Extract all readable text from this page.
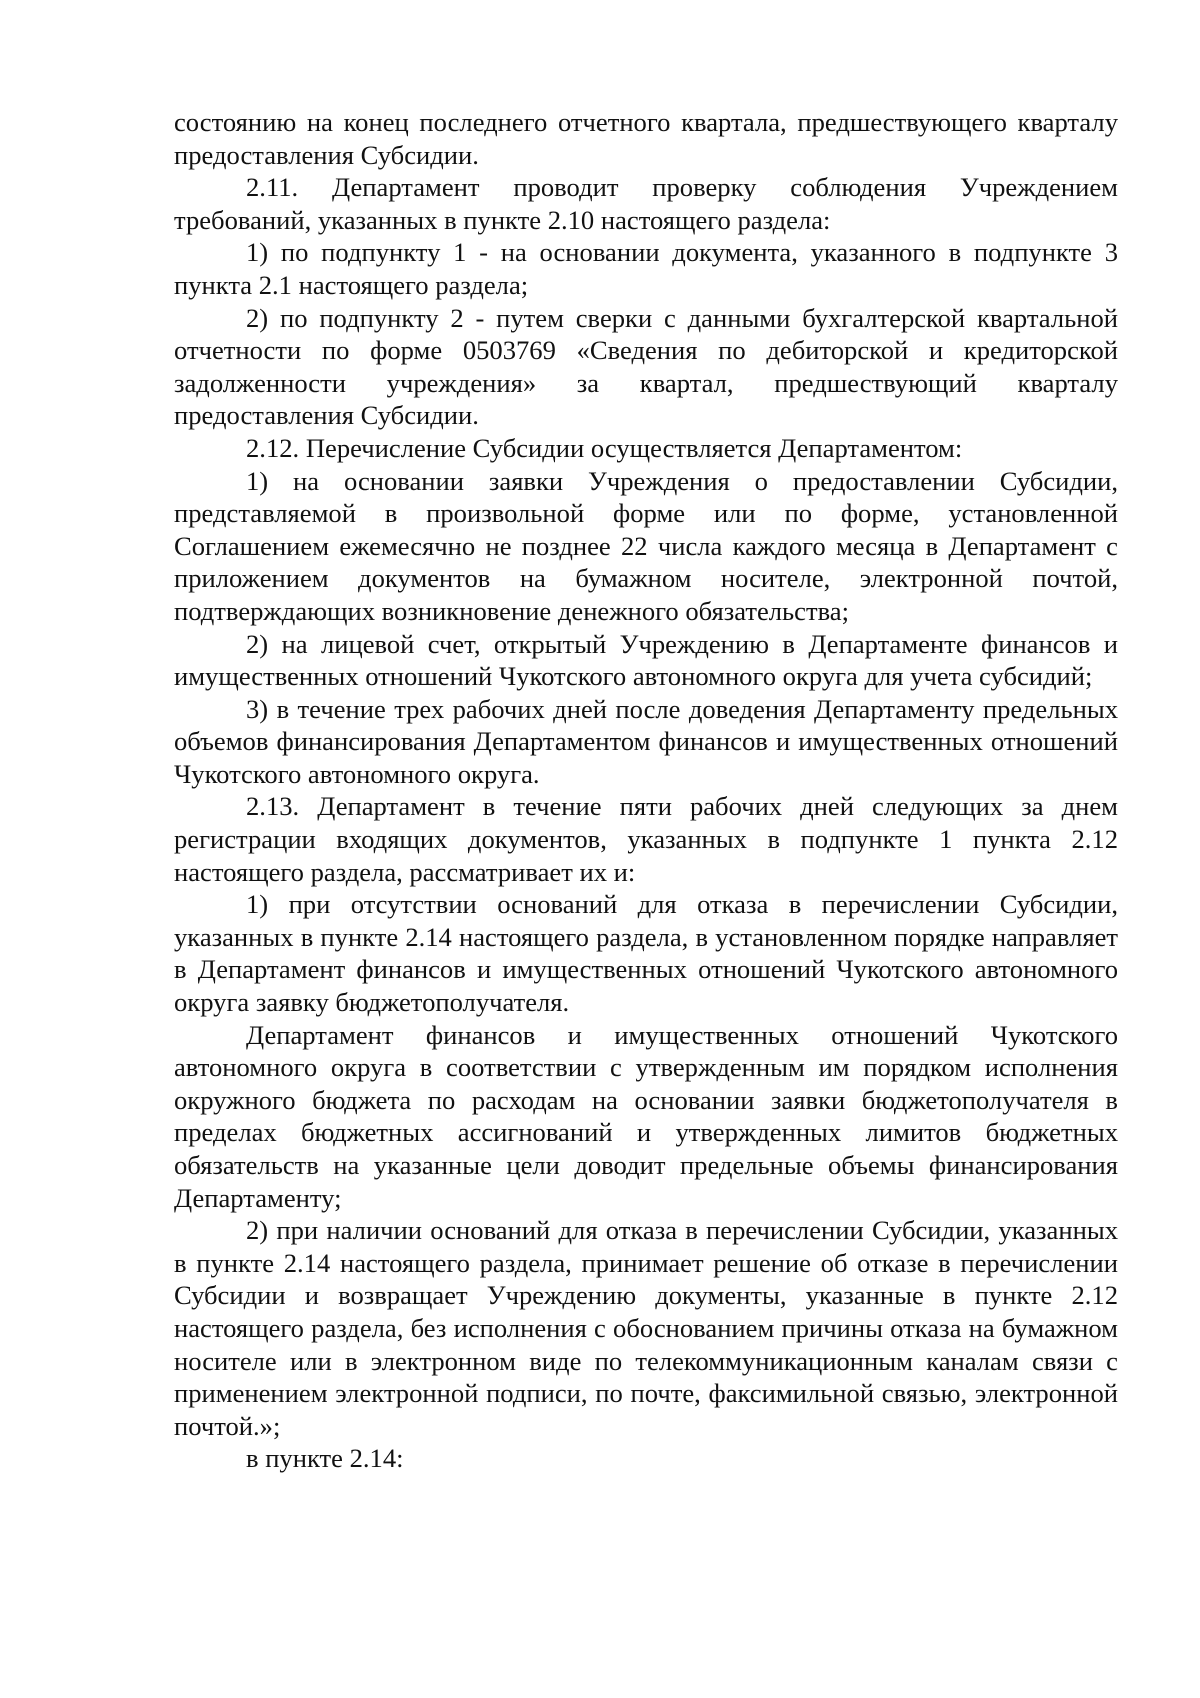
состоянию на конец последнего отчетного квартала, предшествующего кварталу предоставления Субсидии.

2.11. Департамент проводит проверку соблюдения Учреждением требований, указанных в пункте 2.10 настоящего раздела:

1) по подпункту 1 - на основании документа, указанного в подпункте 3 пункта 2.1 настоящего раздела;

2) по подпункту 2 - путем сверки с данными бухгалтерской квартальной отчетности по форме 0503769 «Сведения по дебиторской и кредиторской задолженности учреждения» за квартал, предшествующий кварталу предоставления Субсидии.

2.12. Перечисление Субсидии осуществляется Департаментом:

1) на основании заявки Учреждения о предоставлении Субсидии, представляемой в произвольной форме или по форме, установленной Соглашением ежемесячно не позднее 22 числа каждого месяца в Департамент с приложением документов на бумажном носителе, электронной почтой, подтверждающих возникновение денежного обязательства;

2) на лицевой счет, открытый Учреждению в Департаменте финансов и имущественных отношений Чукотского автономного округа для учета субсидий;

3) в течение трех рабочих дней после доведения Департаменту предельных объемов финансирования Департаментом финансов и имущественных отношений Чукотского автономного округа.

2.13. Департамент в течение пяти рабочих дней следующих за днем регистрации входящих документов, указанных в подпункте 1 пункта 2.12 настоящего раздела, рассматривает их и:

1) при отсутствии оснований для отказа в перечислении Субсидии, указанных в пункте 2.14 настоящего раздела, в установленном порядке направляет в Департамент финансов и имущественных отношений Чукотского автономного округа заявку бюджетополучателя.

Департамент финансов и имущественных отношений Чукотского автономного округа в соответствии с утвержденным им порядком исполнения окружного бюджета по расходам на основании заявки бюджетополучателя в пределах бюджетных ассигнований и утвержденных лимитов бюджетных обязательств на указанные цели доводит предельные объемы финансирования Департаменту;

2) при наличии оснований для отказа в перечислении Субсидии, указанных в пункте 2.14 настоящего раздела, принимает решение об отказе в перечислении Субсидии и возвращает Учреждению документы, указанные в пункте 2.12 настоящего раздела, без исполнения с обоснованием причины отказа на бумажном носителе или в электронном виде по телекоммуникационным каналам связи с применением электронной подписи, по почте, факсимильной связью, электронной почтой.»;

в пункте 2.14:
